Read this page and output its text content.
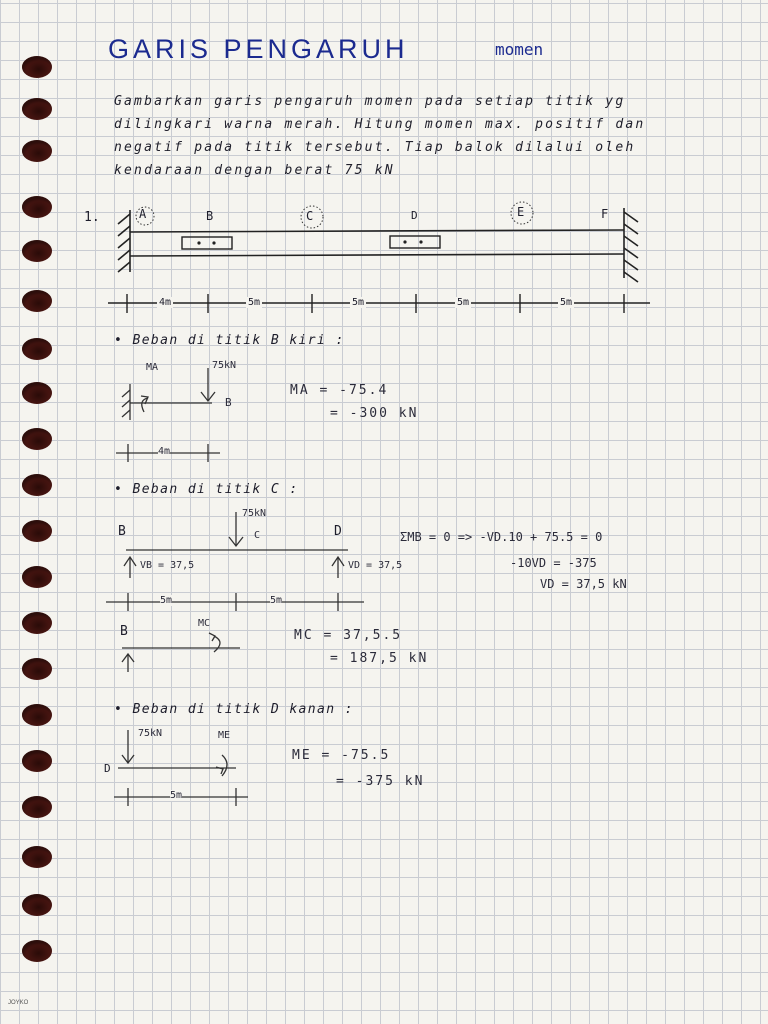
GARIS PENGARUH	momen
Gambarkan garis pengaruh momen pada setiap titik yg
dilingkari warna merah. Hitung momen max. positif dan
negatif pada titik tersebut. Tiap balok dilalui oleh
kendaraan dengan berat 75 kN
1.	A	B	C	D	E	F
4m	5m	5m	5m	5m
• Beban di titik B kiri :
MA	75kN
B
4m
MA = -75.4
= -300 kN
• Beban di titik C :
B	D
75kN
C
VB = 37,5	VD = 37,5
5m	5m
ΣMB = 0 => -VD.10 + 75.5 = 0
-10VD = -375
VD = 37,5 kN
B
MC
MC = 37,5.5
= 187,5 kN
• Beban di titik D kanan :
75kN	ME
D
5m
ME = -75.5
= -375 kN
JOYKO
